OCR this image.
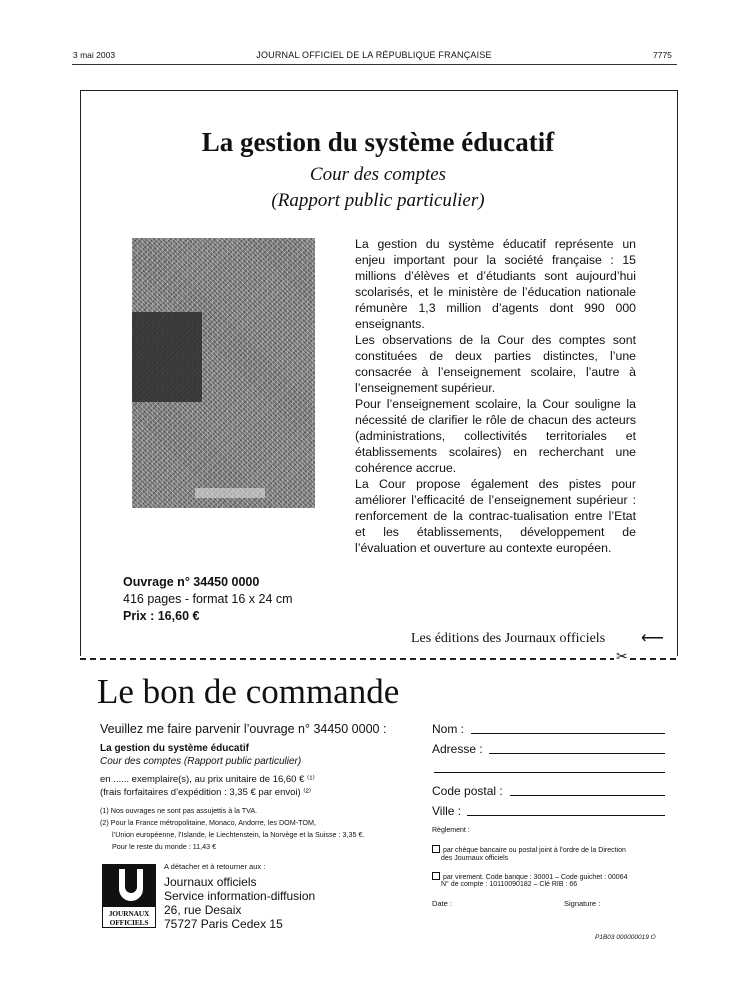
3 mai 2003	JOURNAL OFFICIEL DE LA RÉPUBLIQUE FRANÇAISE	7775
La gestion du système éducatif
Cour des comptes
(Rapport public particulier)

La gestion du système éducatif représente un enjeu important pour la société française : 15 millions d’élèves et d’étudiants sont aujourd’hui scolarisés, et le ministère de l’éducation nationale rémunère 1,3 million d’agents dont 990 000 enseignants.

Les observations de la Cour des comptes sont constituées de deux parties distinctes, l’une consacrée à l’enseignement scolaire, l’autre à l’enseignement supérieur.

Pour l’enseignement scolaire, la Cour souligne la nécessité de clarifier le rôle de chacun des acteurs (administrations, collectivités territoriales et établissements scolaires) en recherchant une cohérence accrue.

La Cour propose également des pistes pour améliorer l’efficacité de l’enseignement supérieur : renforcement de la contrac-tualisation entre l’Etat et les établissements, développement de l’évaluation et ouverture au contexte européen.

Ouvrage n° 34450 0000
416 pages - format 16 x 24 cm
Prix : 16,60 €
Les éditions des Journaux officiels ⟵
✂
Le bon de commande
Veuillez me faire parvenir l’ouvrage n° 34450 0000 :
La gestion du système éducatif
Cour des comptes (Rapport public particulier)
en ...... exemplaire(s), au prix unitaire de 16,60 € ⁽¹⁾
(frais forfaitaires d’expédition : 3,35 € par envoi) ⁽²⁾
(1) Nos ouvrages ne sont pas assujettis à la TVA.
(2) Pour la France métropolitaine, Monaco, Andorre, les DOM-TOM,
l’Union européenne, l’Islande, le Liechtenstein, la Norvège et la Suisse : 3,35 €.
Pour le reste du monde : 11,43 €
JOURNAUX
OFFICIELS
A détacher et à retourner aux :
Journaux officiels
Service information-diffusion
26, rue Desaix
75727 Paris Cedex 15
Nom :
Adresse :
Code postal :
Ville :
Règlement :
par chèque bancaire ou postal joint à l’ordre de la Direction
des Journaux officiels
par virement. Code banque : 30001 – Code guichet : 00064
N° de compte : 10110090182 – Clé RIB : 66
Date :	Signature :
P1B03 000000019 O
